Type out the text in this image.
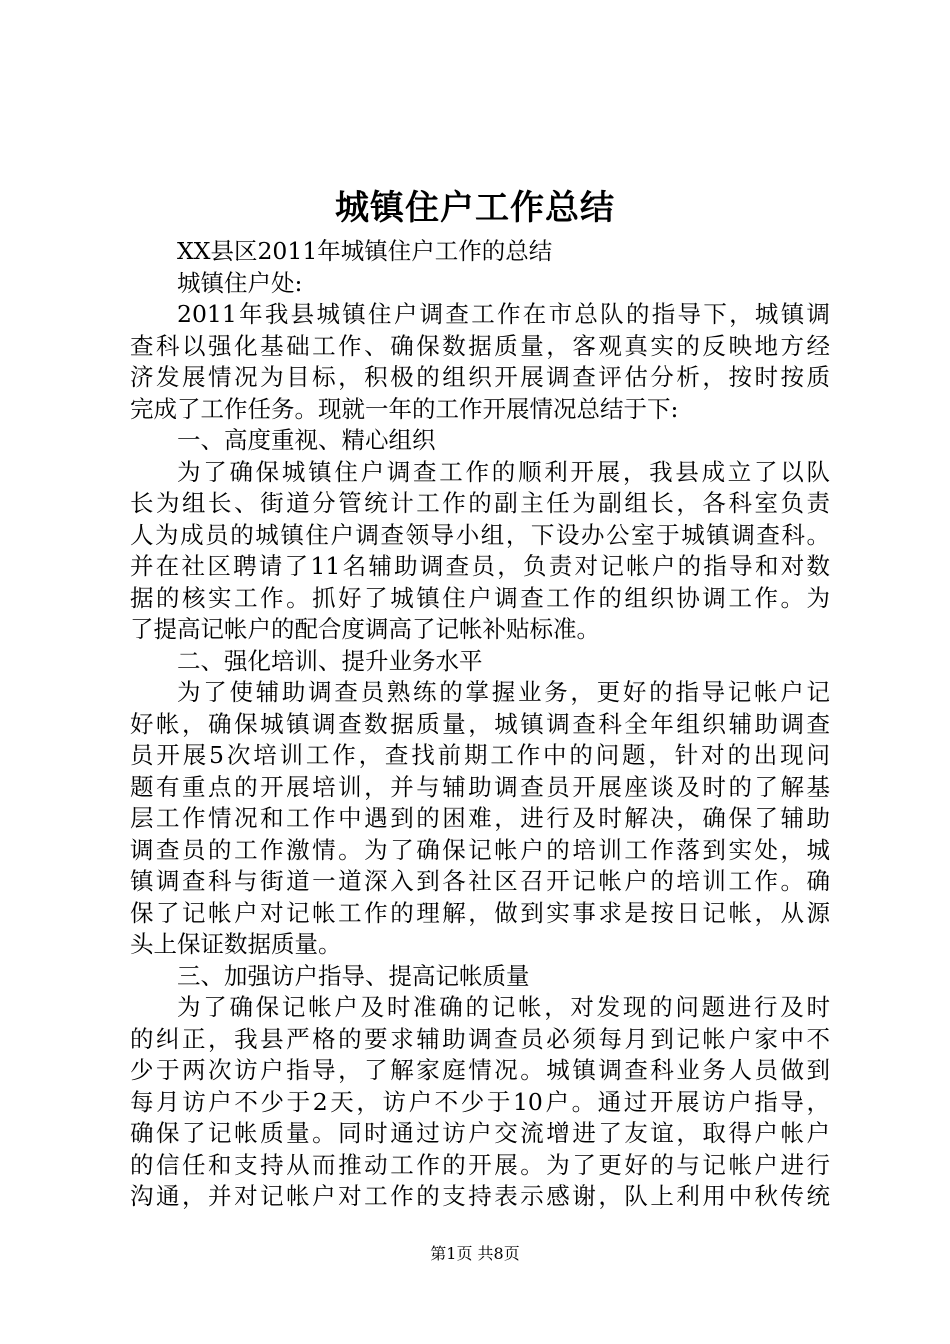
城镇住户工作总结
XX县区2011年城镇住户工作的总结
城镇住户处:
2011年我县城镇住户调查工作在市总队的指导下，城镇调
查科以强化基础工作、确保数据质量，客观真实的反映地方经
济发展情况为目标，积极的组织开展调查评估分析，按时按质
完成了工作任务。现就一年的工作开展情况总结于下:
一、高度重视、精心组织
为了确保城镇住户调查工作的顺利开展，我县成立了以队
长为组长、街道分管统计工作的副主任为副组长，各科室负责
人为成员的城镇住户调查领导小组，下设办公室于城镇调查科。
并在社区聘请了11名辅助调查员，负责对记帐户的指导和对数
据的核实工作。抓好了城镇住户调查工作的组织协调工作。为
了提高记帐户的配合度调高了记帐补贴标准。
二、强化培训、提升业务水平
为了使辅助调查员熟练的掌握业务，更好的指导记帐户记
好帐，确保城镇调查数据质量，城镇调查科全年组织辅助调查
员开展5次培训工作，查找前期工作中的问题，针对的出现问
题有重点的开展培训，并与辅助调查员开展座谈及时的了解基
层工作情况和工作中遇到的困难，进行及时解决，确保了辅助
调查员的工作激情。为了确保记帐户的培训工作落到实处，城
镇调查科与街道一道深入到各社区召开记帐户的培训工作。确
保了记帐户对记帐工作的理解，做到实事求是按日记帐，从源
头上保证数据质量。
三、加强访户指导、提高记帐质量
为了确保记帐户及时准确的记帐，对发现的问题进行及时
的纠正，我县严格的要求辅助调查员必须每月到记帐户家中不
少于两次访户指导，了解家庭情况。城镇调查科业务人员做到
每月访户不少于2天，访户不少于10户。通过开展访户指导，
确保了记帐质量。同时通过访户交流增进了友谊，取得户帐户
的信任和支持从而推动工作的开展。为了更好的与记帐户进行
沟通，并对记帐户对工作的支持表示感谢，队上利用中秋传统
第1页 共8页
